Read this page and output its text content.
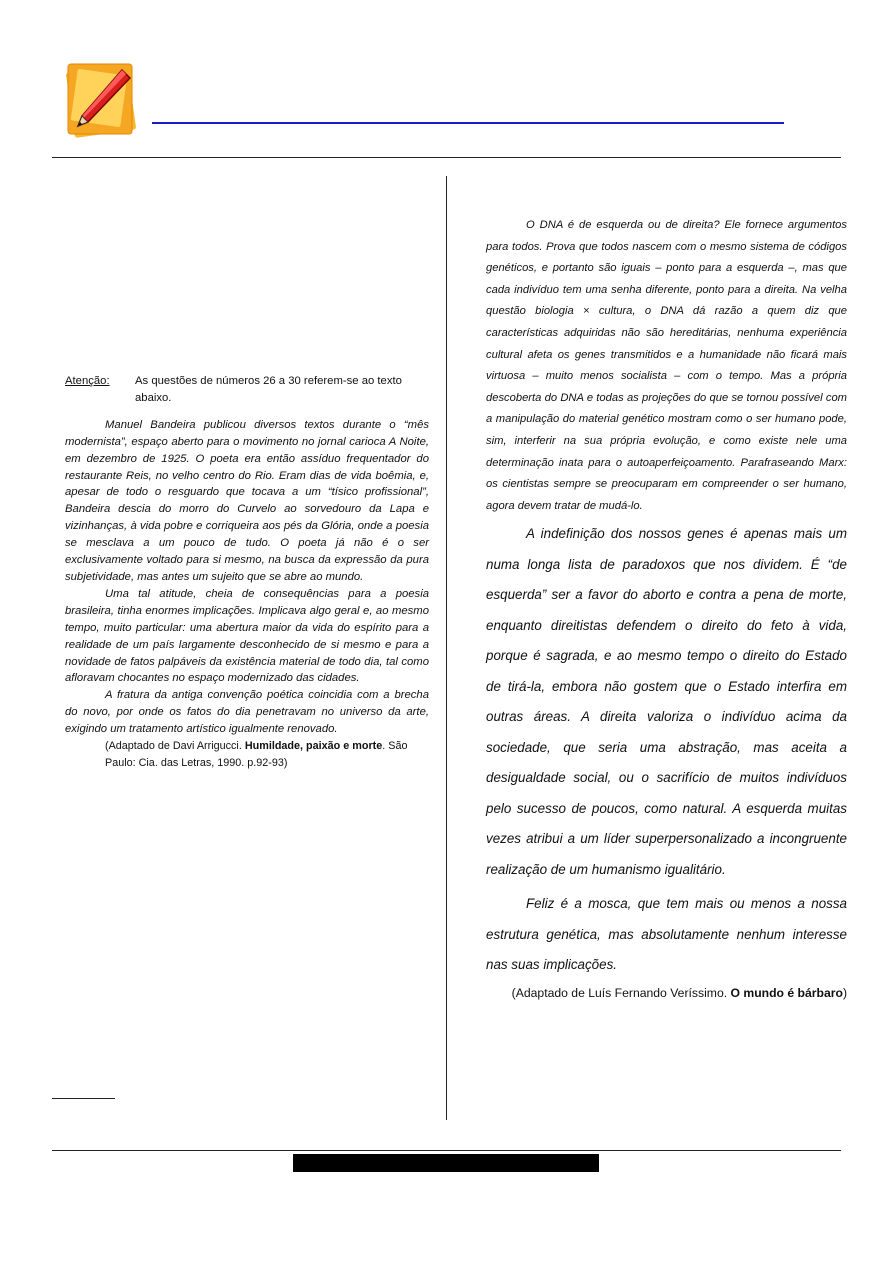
Atenção:	As questões de números 26 a 30 referem-se ao texto abaixo.

Manuel Bandeira publicou diversos textos durante o “mês modernista”, espaço aberto para o movimento no jornal carioca A Noite, em dezembro de 1925. O poeta era então assíduo frequentador do restaurante Reis, no velho centro do Rio. Eram dias de vida boêmia, e, apesar de todo o resguardo que tocava a um “tísico profissional”, Bandeira descia do morro do Curvelo ao sorvedouro da Lapa e vizinhanças, à vida pobre e corriqueira aos pés da Glória, onde a poesia se mesclava a um pouco de tudo. O poeta já não é o ser exclusivamente voltado para si mesmo, na busca da expressão da pura subjetividade, mas antes um sujeito que se abre ao mundo.

Uma tal atitude, cheia de consequências para a poesia brasileira, tinha enormes implicações. Implicava algo geral e, ao mesmo tempo, muito particular: uma abertura maior da vida do espírito para a realidade de um país largamente desconhecido de si mesmo e para a novidade de fatos palpáveis da existência material de todo dia, tal como afloravam chocantes no espaço modernizado das cidades.

A fratura da antiga convenção poética coincidia com a brecha do novo, por onde os fatos do dia penetravam no universo da arte, exigindo um tratamento artístico igualmente renovado.

(Adaptado de Davi Arrigucci. Humildade, paixão e morte. São Paulo: Cia. das Letras, 1990. p.92-93)

O DNA é de esquerda ou de direita? Ele fornece argumentos para todos. Prova que todos nascem com o mesmo sistema de códigos genéticos, e portanto são iguais – ponto para a esquerda –, mas que cada indivíduo tem uma senha diferente, ponto para a direita. Na velha questão biologia × cultura, o DNA dá razão a quem diz que características adquiridas não são hereditárias, nenhuma experiência cultural afeta os genes transmitidos e a humanidade não ficará mais virtuosa – muito menos socialista – com o tempo. Mas a própria descoberta do DNA e todas as projeções do que se tornou possível com a manipulação do material genético mostram como o ser humano pode, sim, interferir na sua própria evolução, e como existe nele uma determinação inata para o autoaperfeiçoamento. Parafraseando Marx: os cientistas sempre se preocuparam em compreender o ser humano, agora devem tratar de mudá-lo.

A indefinição dos nossos genes é apenas mais um numa longa lista de paradoxos que nos dividem. É “de esquerda” ser a favor do aborto e contra a pena de morte, enquanto direitistas defendem o direito do feto à vida, porque é sagrada, e ao mesmo tempo o direito do Estado de tirá-la, embora não gostem que o Estado interfira em outras áreas. A direita valoriza o indivíduo acima da sociedade, que seria uma abstração, mas aceita a desigualdade social, ou o sacrifício de muitos indivíduos pelo sucesso de poucos, como natural. A esquerda muitas vezes atribui a um líder superpersonalizado a incongruente realização de um humanismo igualitário.

Feliz é a mosca, que tem mais ou menos a nossa estrutura genética, mas absolutamente nenhum interesse nas suas implicações.

(Adaptado de Luís Fernando Veríssimo. O mundo é bárbaro)
